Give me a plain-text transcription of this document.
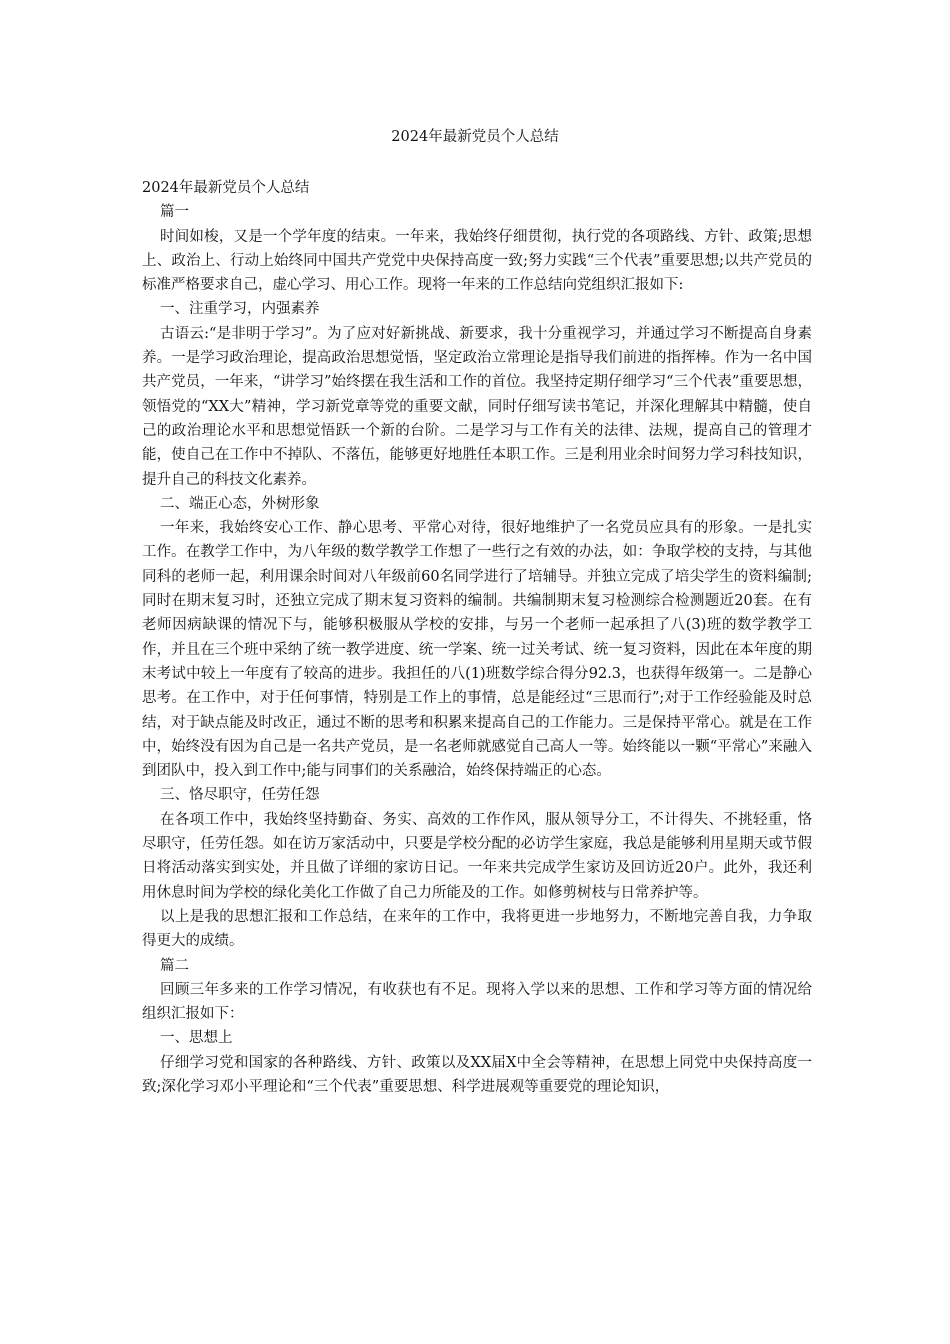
2024年最新党员个人总结

2024年最新党员个人总结

篇一

时间如梭，又是一个学年度的结束。一年来，我始终仔细贯彻，执行党的各项路线、方针、政策;思想上、政治上、行动上始终同中国共产党党中央保持高度一致;努力实践“三个代表”重要思想;以共产党员的标准严格要求自己，虚心学习、用心工作。现将一年来的工作总结向党组织汇报如下:

一、注重学习，内强素养

古语云:“是非明于学习”。为了应对好新挑战、新要求，我十分重视学习，并通过学习不断提高自身素养。一是学习政治理论，提高政治思想觉悟，坚定政治立常理论是指导我们前进的指挥棒。作为一名中国共产党员，一年来，“讲学习”始终摆在我生活和工作的首位。我坚持定期仔细学习“三个代表”重要思想，领悟党的“XX大”精神，学习新党章等党的重要文献，同时仔细写读书笔记，并深化理解其中精髓，使自己的政治理论水平和思想觉悟跃一个新的台阶。二是学习与工作有关的法律、法规，提高自己的管理才能，使自己在工作中不掉队、不落伍，能够更好地胜任本职工作。三是利用业余时间努力学习科技知识，提升自己的科技文化素养。

二、端正心态，外树形象

一年来，我始终安心工作、静心思考、平常心对待，很好地维护了一名党员应具有的形象。一是扎实工作。在教学工作中，为八年级的数学教学工作想了一些行之有效的办法，如：争取学校的支持，与其他同科的老师一起，利用课余时间对八年级前60名同学进行了培辅导。并独立完成了培尖学生的资料编制;同时在期末复习时，还独立完成了期末复习资料的编制。共编制期末复习检测综合检测题近20套。在有老师因病缺课的情况下与，能够积极服从学校的安排，与另一个老师一起承担了八(3)班的数学教学工作，并且在三个班中采纳了统一教学进度、统一学案、统一过关考试、统一复习资料，因此在本年度的期末考试中较上一年度有了较高的进步。我担任的八(1)班数学综合得分92.3，也获得年级第一。二是静心思考。在工作中，对于任何事情，特别是工作上的事情，总是能经过“三思而行”;对于工作经验能及时总结，对于缺点能及时改正，通过不断的思考和积累来提高自己的工作能力。三是保持平常心。就是在工作中，始终没有因为自己是一名共产党员，是一名老师就感觉自己高人一等。始终能以一颗“平常心”来融入到团队中，投入到工作中;能与同事们的关系融洽，始终保持端正的心态。

三、恪尽职守，任劳任怨

在各项工作中，我始终坚持勤奋、务实、高效的工作作风，服从领导分工，不计得失、不挑轻重，恪尽职守，任劳任怨。如在访万家活动中，只要是学校分配的必访学生家庭，我总是能够利用星期天或节假日将活动落实到实处，并且做了详细的家访日记。一年来共完成学生家访及回访近20户。此外，我还利用休息时间为学校的绿化美化工作做了自己力所能及的工作。如修剪树枝与日常养护等。

以上是我的思想汇报和工作总结，在来年的工作中，我将更进一步地努力，不断地完善自我，力争取得更大的成绩。

篇二

回顾三年多来的工作学习情况，有收获也有不足。现将入学以来的思想、工作和学习等方面的情况给组织汇报如下：

一、思想上

仔细学习党和国家的各种路线、方针、政策以及XX届X中全会等精神，在思想上同党中央保持高度一致;深化学习邓小平理论和“三个代表”重要思想、科学进展观等重要党的理论知识，
